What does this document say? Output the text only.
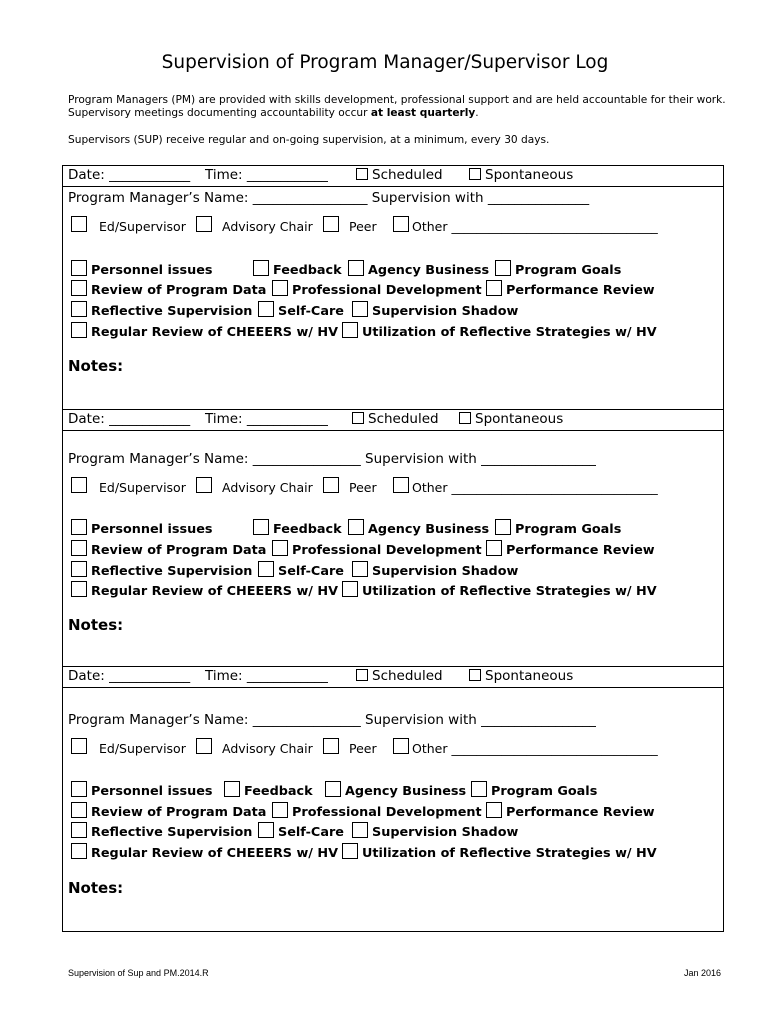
Supervision of Program Manager/Supervisor Log
Program Managers (PM) are provided with skills development, professional support and are held accountable for their work. Supervisory meetings documenting accountability occur at least quarterly.
Supervisors (SUP) receive regular and on-going supervision, at a minimum, every 30 days.
Date: ____________ Time: ____________	Scheduled	Spontaneous
Program Manager’s Name: _________________ Supervision with _______________
Ed/Supervisor	Advisory Chair	Peer	Other _________________________________
Personnel issues	Feedback Agency Business Program Goals
Review of Program Data Professional Development Performance Review
Reflective Supervision Self-Care Supervision Shadow
Regular Review of CHEEERS w/ HV Utilization of Reflective Strategies w/ HV
Notes:
Date: ____________ Time: ____________	Scheduled	Spontaneous
Program Manager’s Name: ________________ Supervision with _________________
Ed/Supervisor	Advisory Chair	Peer	Other _________________________________
Personnel issues	Feedback Agency Business Program Goals
Review of Program Data Professional Development Performance Review
Reflective Supervision Self-Care Supervision Shadow
Regular Review of CHEEERS w/ HV Utilization of Reflective Strategies w/ HV
Notes:
Date: ____________ Time: ____________	Scheduled	Spontaneous
Program Manager’s Name: ________________ Supervision with _________________
Ed/Supervisor	Advisory Chair	Peer	Other _________________________________
Personnel issues Feedback	Agency Business Program Goals
Review of Program Data Professional Development Performance Review
Reflective Supervision Self-Care Supervision Shadow
Regular Review of CHEEERS w/ HV Utilization of Reflective Strategies w/ HV
Notes:
Supervision of Sup and PM.2014.R	Jan 2016
